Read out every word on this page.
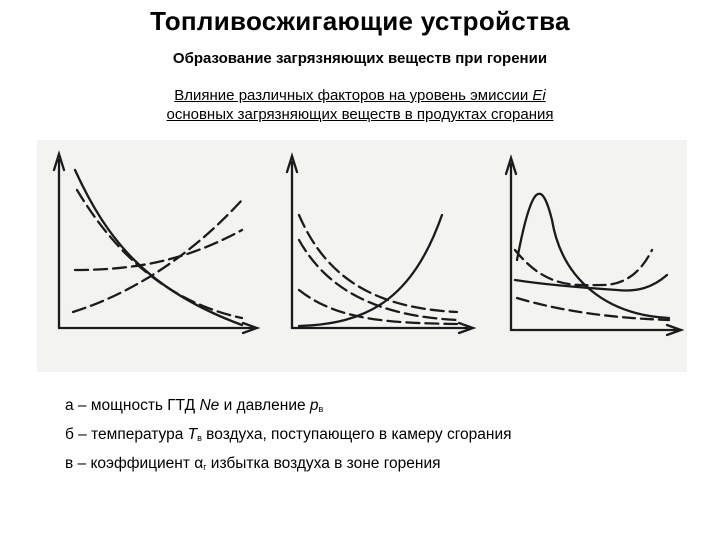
Топливосжигающие устройства
Образование загрязняющих веществ при горении
Влияние различных факторов на уровень эмиссии Ei
основных загрязняющих веществ в продуктах сгорания
а – мощность ГТД Ne и давление $p_в$
б – температура $T_в$ воздуха, поступающего в камеру сгорания
в – коэффициент $\alpha_г$ избытка воздуха в зоне горения
